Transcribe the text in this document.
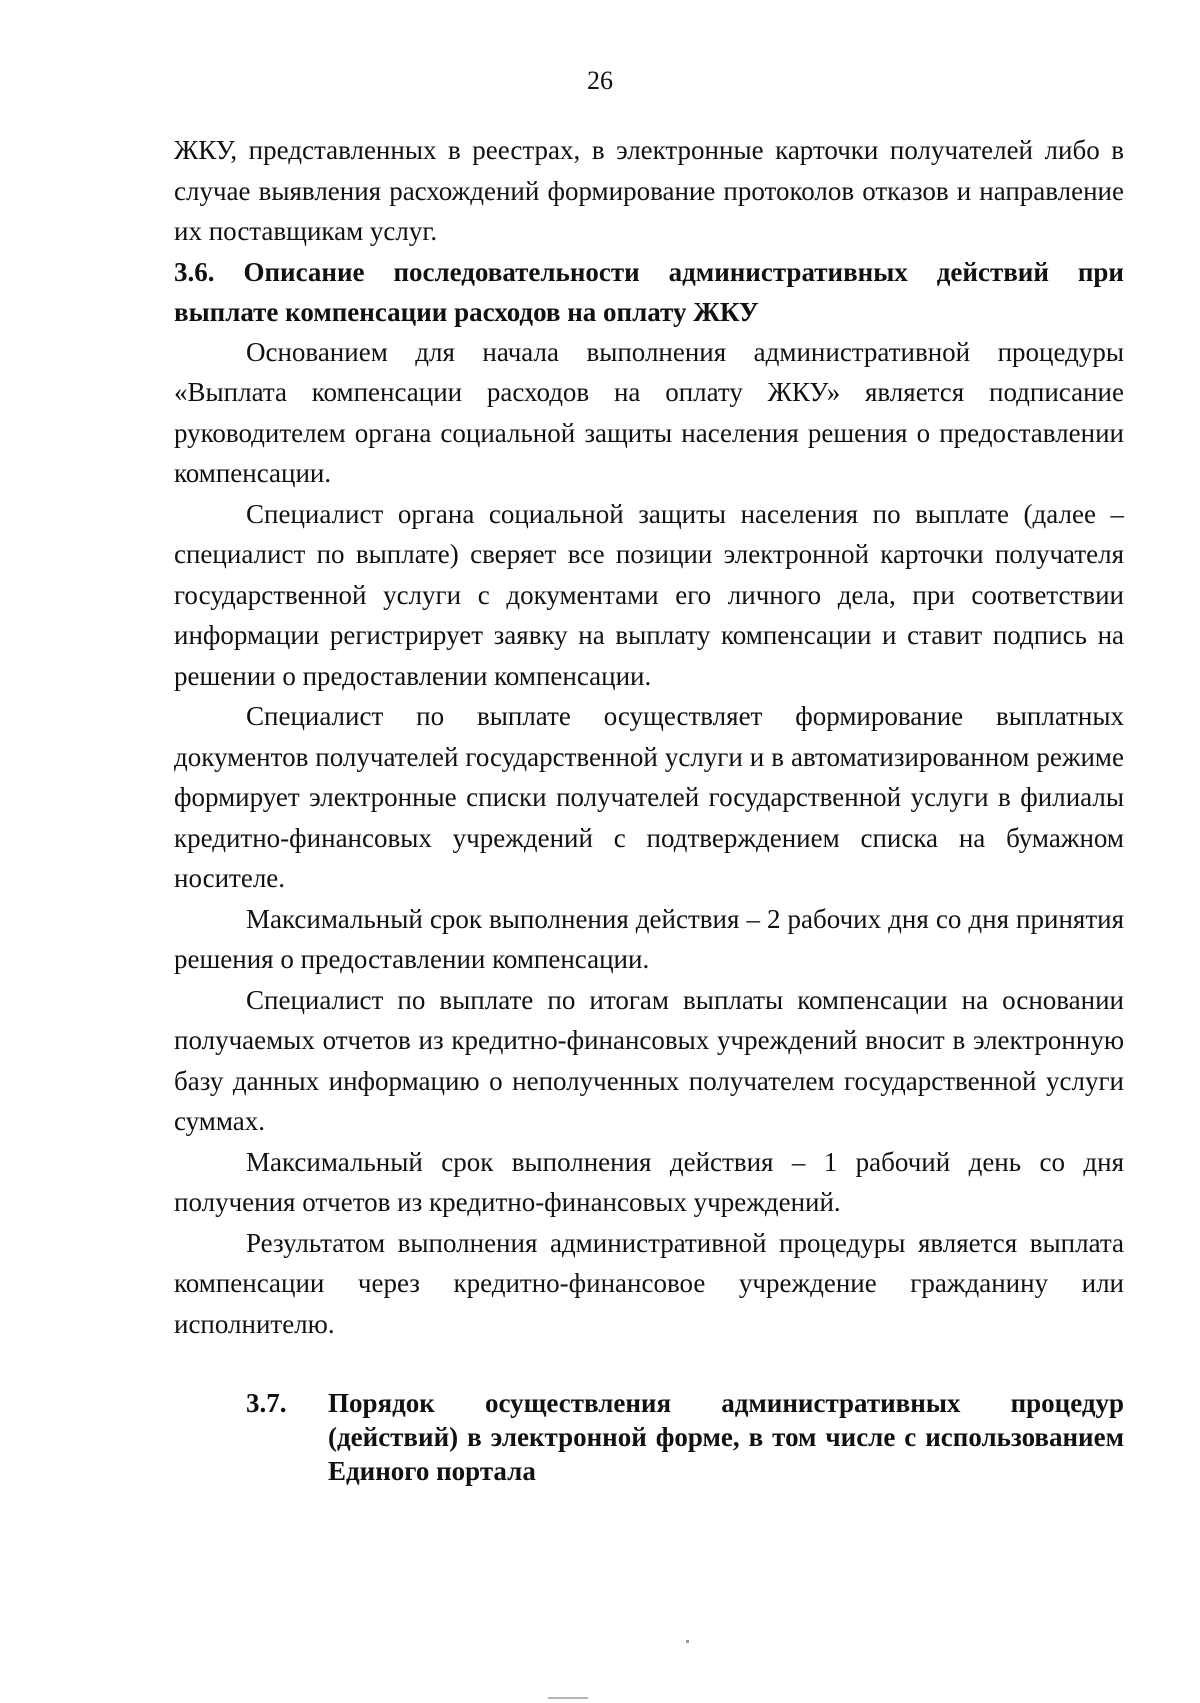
26

ЖКУ, представленных в реестрах, в электронные карточки получателей либо в случае выявления расхождений формирование протоколов отказов и направление их поставщикам услуг.

3.6. Описание последовательности административных действий при выплате компенсации расходов на оплату ЖКУ

Основанием для начала выполнения административной процедуры «Выплата компенсации расходов на оплату ЖКУ» является подписание руководителем органа социальной защиты населения решения о предоставлении компенсации.

Специалист органа социальной защиты населения по выплате (далее – специалист по выплате) сверяет все позиции электронной карточки получателя государственной услуги с документами его личного дела, при соответствии информации регистрирует заявку на выплату компенсации и ставит подпись на решении о предоставлении компенсации.

Специалист по выплате осуществляет формирование выплатных документов получателей государственной услуги и в автоматизированном режиме формирует электронные списки получателей государственной услуги в филиалы кредитно-финансовых учреждений с подтверждением списка на бумажном носителе.

Максимальный срок выполнения действия – 2 рабочих дня со дня принятия решения о предоставлении компенсации.

Специалист по выплате по итогам выплаты компенсации на основании получаемых отчетов из кредитно-финансовых учреждений вносит в электронную базу данных информацию о неполученных получателем государственной услуги суммах.

Максимальный срок выполнения действия – 1 рабочий день со дня получения отчетов из кредитно-финансовых учреждений.

Результатом выполнения административной процедуры является выплата компенсации через кредитно-финансовое учреждение гражданину или исполнителю.

3.7.	Порядок осуществления административных процедур (действий) в электронной форме, в том числе с использованием Единого портала
